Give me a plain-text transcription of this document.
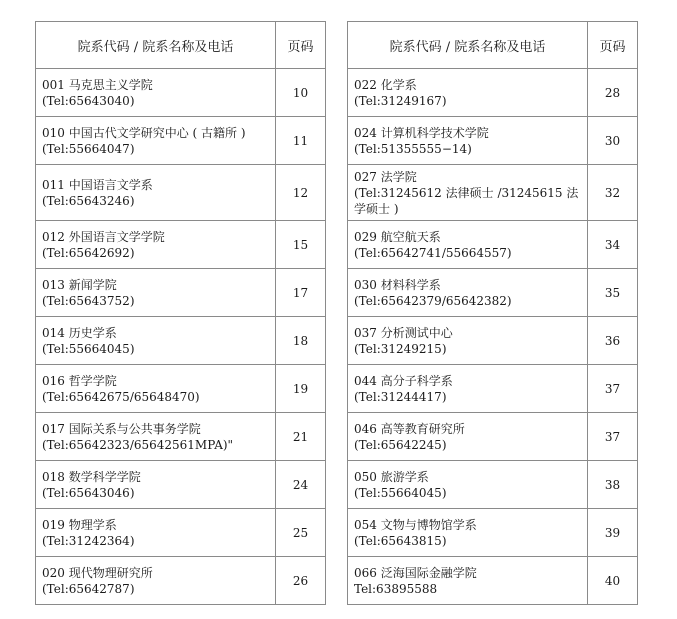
院系代码 / 院系名称及电话	页码

001 马克思主义学院
(Tel:65643040)	10

010 中国古代文学研究中心 ( 古籍所 )
(Tel:55664047)	11

011 中国语言文学系
(Tel:65643246)	12

012 外国语言文学学院
(Tel:65642692)	15

013 新闻学院
(Tel:65643752)	17

014 历史学系
(Tel:55664045)	18

016 哲学学院
(Tel:65642675/65648470)	19

017 国际关系与公共事务学院
(Tel:65642323/65642561MPA)"	21

018 数学科学学院
(Tel:65643046)	24

019 物理学系
(Tel:31242364)	25

020 现代物理研究所
(Tel:65642787)	26
院系代码 / 院系名称及电话	页码

022 化学系
(Tel:31249167)	28

024 计算机科学技术学院
(Tel:51355555−14)	30

027 法学院
(Tel:31245612 法律硕士 /31245615 法
学硕士 )	32

029 航空航天系
(Tel:65642741/55664557)	34

030 材料科学系
(Tel:65642379/65642382)	35

037 分析测试中心
(Tel:31249215)	36

044 高分子科学系
(Tel:31244417)	37

046 高等教育研究所
(Tel:65642245)	37

050 旅游学系
(Tel:55664045)	38

054 文物与博物馆学系
(Tel:65643815)	39

066 泛海国际金融学院
Tel:63895588	40
